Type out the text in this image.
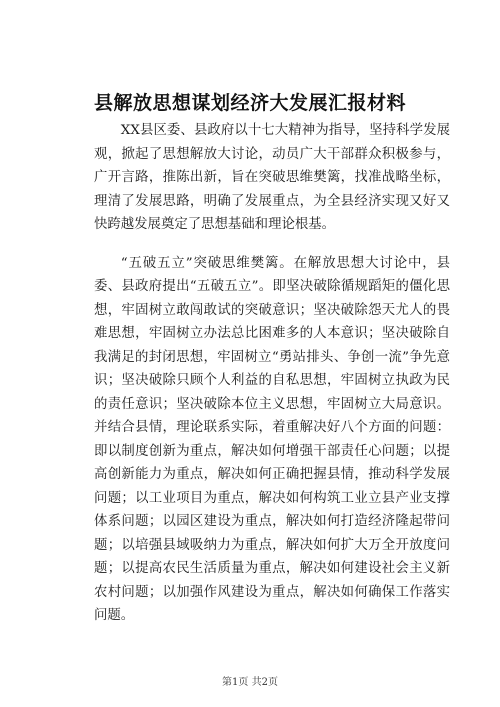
县解放思想谋划经济大发展汇报材料

XX县区委、县政府以十七大精神为指导，坚持科学发展观，掀起了思想解放大讨论，动员广大干部群众积极参与，广开言路，推陈出新，旨在突破思维樊篱，找准战略坐标，理清了发展思路，明确了发展重点，为全县经济实现又好又快跨越发展奠定了思想基础和理论根基。

“五破五立”突破思维樊篱。在解放思想大讨论中，县委、县政府提出“五破五立”。即坚决破除循规蹈矩的僵化思想，牢固树立敢闯敢试的突破意识；坚决破除怨天尤人的畏难思想，牢固树立办法总比困难多的人本意识；坚决破除自我满足的封闭思想，牢固树立“勇站排头、争创一流”争先意识；坚决破除只顾个人利益的自私思想，牢固树立执政为民的责任意识；坚决破除本位主义思想，牢固树立大局意识。并结合县情，理论联系实际，着重解决好八个方面的问题：即以制度创新为重点，解决如何增强干部责任心问题；以提高创新能力为重点，解决如何正确把握县情，推动科学发展问题；以工业项目为重点，解决如何构筑工业立县产业支撑体系问题；以园区建设为重点，解决如何打造经济隆起带问题；以培强县域吸纳力为重点，解决如何扩大万全开放度问题；以提高农民生活质量为重点，解决如何建设社会主义新农村问题；以加强作风建设为重点，解决如何确保工作落实问题。

第1页 共2页
